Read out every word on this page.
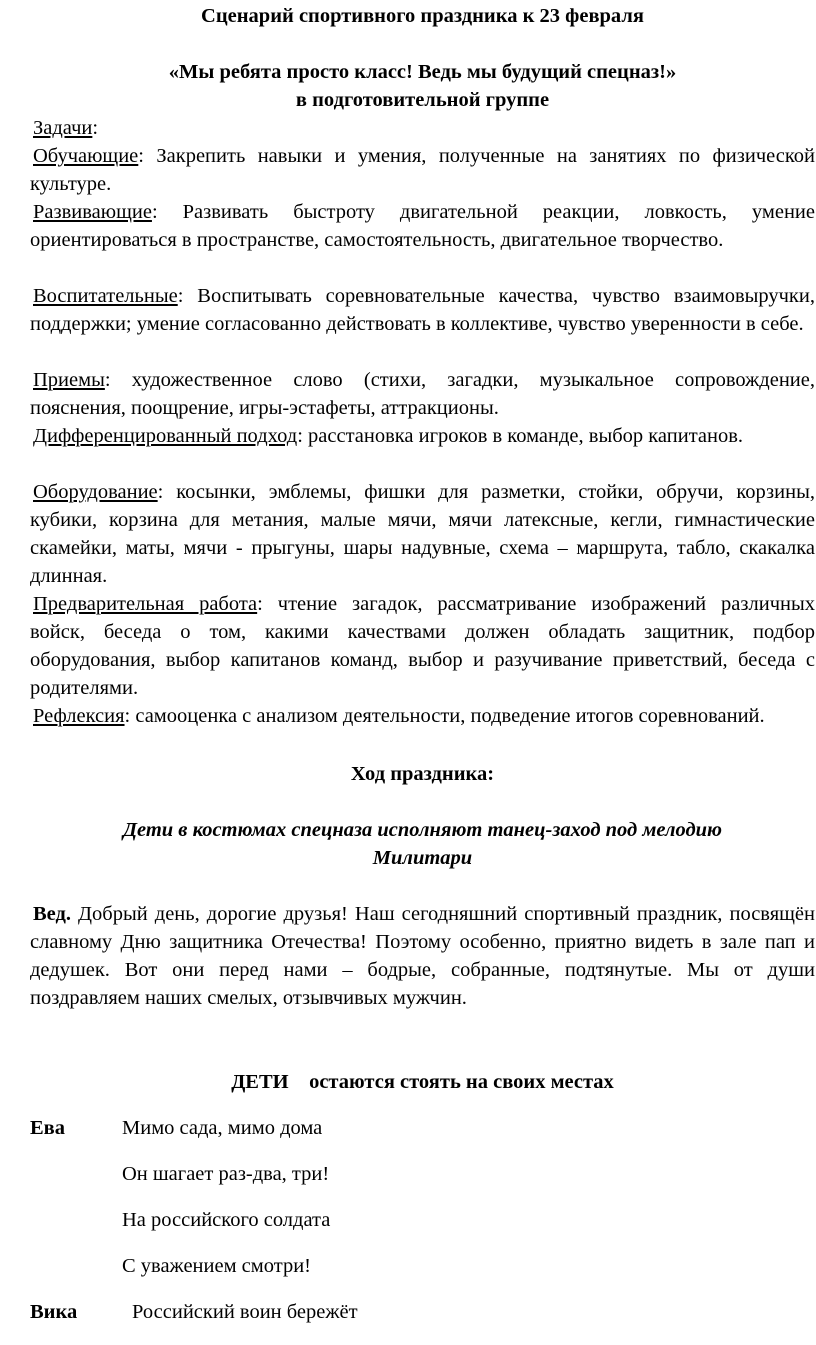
Сценарий спортивного праздника к 23 февраля
«Мы ребята просто класс! Ведь мы будущий спецназ!»
в подготовительной группе

Задачи:

Обучающие: Закрепить навыки и умения, полученные на занятиях по физической культуре.

Развивающие: Развивать быстроту двигательной реакции, ловкость, умение ориентироваться в пространстве, самостоятельность, двигательное творчество.

Воспитательные: Воспитывать соревновательные качества, чувство взаимовыручки, поддержки; умение согласованно действовать в коллективе, чувство уверенности в себе.

Приемы: художественное слово (стихи, загадки, музыкальное сопровождение, пояснения, поощрение, игры-эстафеты, аттракционы.

Дифференцированный подход: расстановка игроков в команде, выбор капитанов.

Оборудование: косынки, эмблемы, фишки для разметки, стойки, обручи, корзины, кубики, корзина для метания, малые мячи, мячи латексные, кегли, гимнастические скамейки, маты, мячи - прыгуны, шары надувные, схема – маршрута, табло, скакалка длинная.

Предварительная работа: чтение загадок, рассматривание изображений различных войск, беседа о том, какими качествами должен обладать защитник, подбор оборудования, выбор капитанов команд, выбор и разучивание приветствий, беседа с родителями.

Рефлексия: самооценка с анализом деятельности, подведение итогов соревнований.

Ход праздника:
Дети в костюмах спецназа исполняют танец-заход под мелодию
Милитари

Вед. Добрый день, дорогие друзья! Наш сегодняшний спортивный праздник, посвящён славному Дню защитника Отечества! Поэтому особенно, приятно видеть в зале пап и дедушек. Вот они перед нами – бодрые, собранные, подтянутые. Мы от души поздравляем наших смелых, отзывчивых мужчин.

ДЕТИ    остаются стоять на своих местах
Ева	Мимо сада, мимо дома
Он шагает раз-два, три!
На российского солдата
С уважением смотри!
Вика	Российский воин бережёт
